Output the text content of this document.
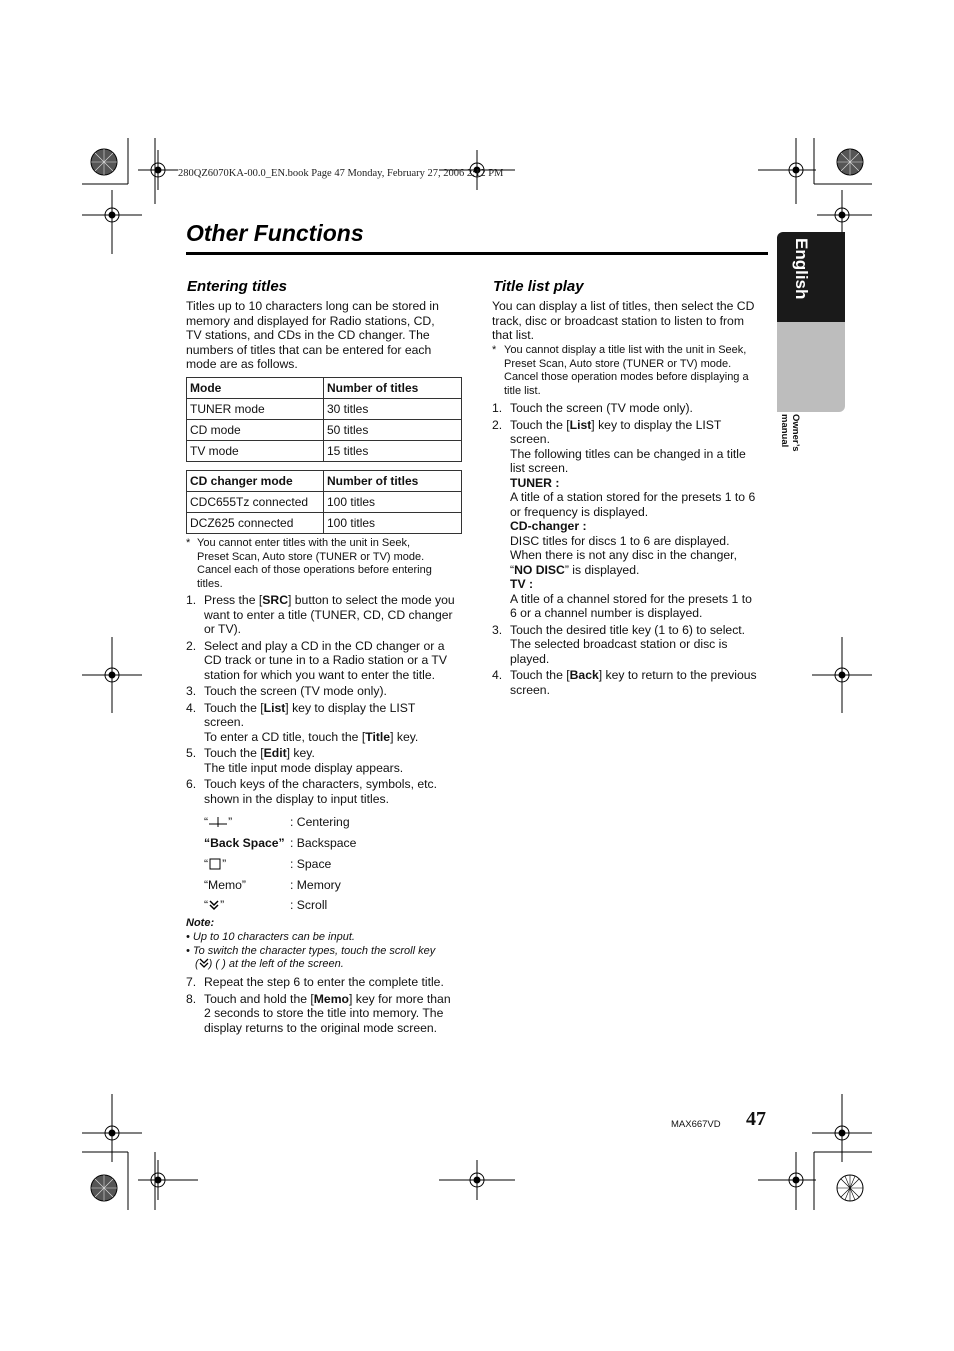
280QZ6070KA-00.0_EN.book Page 47 Monday, February 27, 2006 2:12 PM
Other Functions
English
Owner’s manual
Entering titles
Titles up to 10 characters long can be stored in
memory and displayed for Radio stations, CD,
TV stations, and CDs in the CD changer. The
numbers of titles that can be entered for each
mode are as follows.
Mode	Number of titles
TUNER mode	30 titles
CD mode	50 titles
TV mode	15 titles
CD changer mode	Number of titles
CDC655Tz connected	100 titles
DCZ625 connected	100 titles
* You cannot enter titles with the unit in Seek,
Preset Scan, Auto store (TUNER or TV) mode.
Cancel each of those operations before entering
titles.
1. Press the [SRC] button to select the mode you
want to enter a title (TUNER, CD, CD changer
or TV).
2. Select and play a CD in the CD changer or a
CD track or tune in to a Radio station or a TV
station for which you want to enter the title.
3. Touch the screen (TV mode only).
4. Touch the [List] key to display the LIST
screen.
To enter a CD title, touch the [Title] key.
5. Touch the [Edit] key.
The title input mode display appears.
6. Touch keys of the characters, symbols, etc.
shown in the display to input titles.
“ ”	: Centering
“Back Space” : Backspace
“ ”	: Space
“Memo”	: Memory
“ ”	: Scroll
Note:
• Up to 10 characters can be input.
• To switch the character types, touch the scroll key
( ) ( ) at the left of the screen.
7. Repeat the step 6 to enter the complete title.
8. Touch and hold the [Memo] key for more than
2 seconds to store the title into memory. The
display returns to the original mode screen.
Title list play
You can display a list of titles, then select the CD
track, disc or broadcast station to listen to from
that list.
* You cannot display a title list with the unit in Seek,
Preset Scan, Auto store (TUNER or TV) mode.
Cancel those operation modes before displaying a
title list.
1. Touch the screen (TV mode only).
2. Touch the [List] key to display the LIST
screen.
The following titles can be changed in a title
list screen.
TUNER :
A title of a station stored for the presets 1 to 6
or frequency is displayed.
CD-changer :
DISC titles for discs 1 to 6 are displayed.
When there is not any disc in the changer,
“NO DISC” is displayed.
TV :
A title of a channel stored for the presets 1 to
6 or a channel number is displayed.
3. Touch the desired title key (1 to 6) to select.
The selected broadcast station or disc is
played.
4. Touch the [Back] key to return to the previous
screen.
MAX667VD 47
